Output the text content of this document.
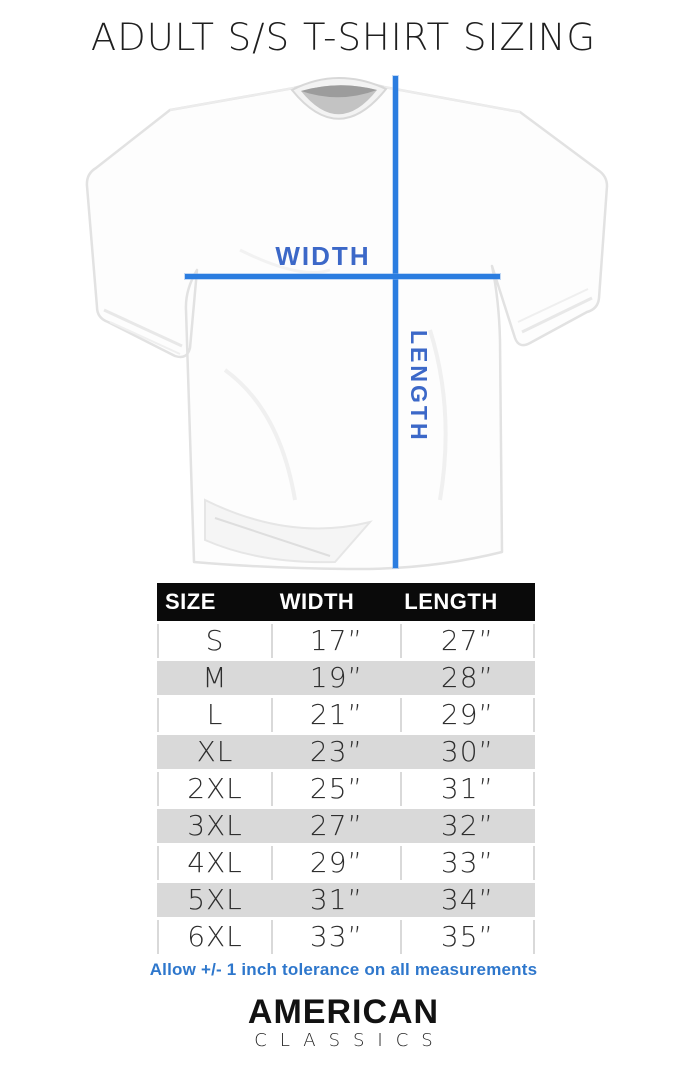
ADULT S/S T-SHIRT SIZING
WIDTH
LENGTH
SIZE	WIDTH	LENGTH
S	17”	27”
M	19”	28”
L	21”	29”
XL	23”	30”
2XL	25”	31”
3XL	27”	32”
4XL	29”	33”
5XL	31”	34”
6XL	33”	35”

Allow +/- 1 inch tolerance on all measurements

AMERICAN
CLASSICS
